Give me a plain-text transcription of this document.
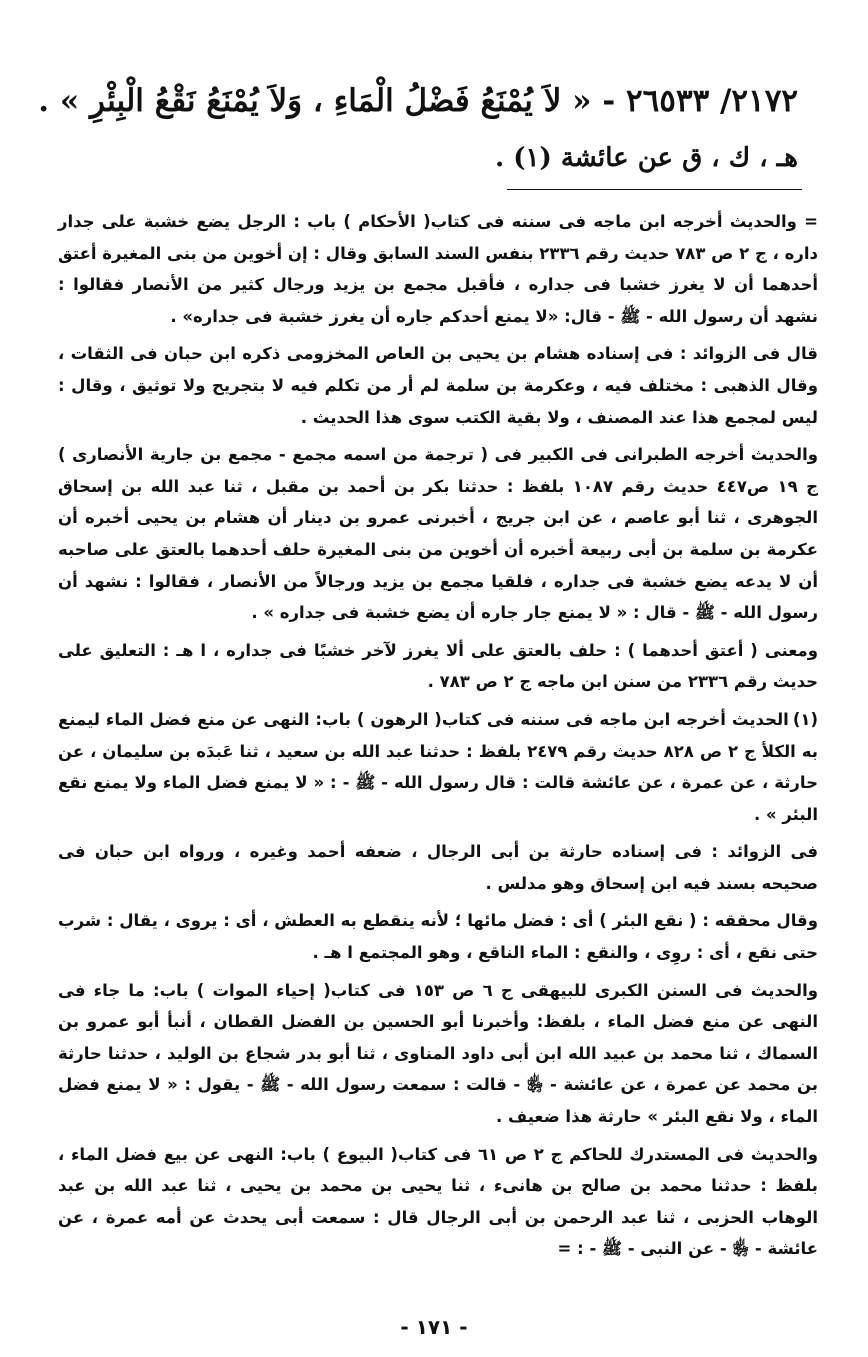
٢١٧٢/ ٢٦٥٣٣ - « لاَ يُمْنَعُ فَضْلُ الْمَاءِ ، وَلاَ يُمْنَعُ نَقْعُ الْبِئْرِ » .
هـ ، ك ، ق عن عائشة (١) .

= والحديث أخرجه ابن ماجه فى سننه فى كتاب( الأحكام ) باب : الرجل يضع خشبة على جدار داره ، ج ٢ ص ٧٨٣ حديث رقم ٢٣٣٦ بنفس السند السابق وقال : إن أخوين من بنى المغيرة أعتق أحدهما أن لا يغرز خشبا فى جداره ، فأقبل مجمع بن يزيد ورجال كثير من الأنصار فقالوا : نشهد أن رسول الله - ﷺ - قال: «لا يمنع أحدكم جاره أن يغرز خشبة فى جداره» .

قال فى الزوائد : فى إسناده هشام بن يحيى بن العاص المخزومى ذكره ابن حبان فى الثقات ، وقال الذهبى : مختلف فيه ، وعكرمة بن سلمة لم أر من تكلم فيه لا بتجريح ولا توثيق ، وقال : ليس لمجمع هذا عند المصنف ، ولا بقية الكتب سوى هذا الحديث .

والحديث أخرجه الطبرانى فى الكبير فى ( ترجمة من اسمه مجمع - مجمع بن جارية الأنصارى ) ج ١٩ ص٤٤٧ حديث رقم ١٠٨٧ بلفظ : حدثنا بكر بن أحمد بن مقبل ، ثنا عبد الله بن إسحاق الجوهرى ، ثنا أبو عاصم ، عن ابن جريج ، أخبرنى عمرو بن دينار أن هشام بن يحيى أخبره أن عكرمة بن سلمة بن أبى ربيعة أخبره أن أخوين من بنى المغيرة حلف أحدهما بالعتق على صاحبه أن لا يدعه يضع خشبة فى جداره ، فلقيا مجمع بن يزيد ورجالاً من الأنصار ، فقالوا : نشهد أن رسول الله - ﷺ - قال : « لا يمنع جار جاره أن يضع خشبة فى جداره » .

ومعنى ( أعتق أحدهما ) : حلف بالعتق على ألا يغرز لآخر خشبًا فى جداره ، ا هـ : التعليق على حديث رقم ٢٣٣٦ من سنن ابن ماجه ج ٢ ص ٧٨٣ .

(١)الحديث أخرجه ابن ماجه فى سننه فى كتاب( الرهون ) باب: النهى عن منع فضل الماء ليمنع به الكلأ ج ٢ ص ٨٢٨ حديث رقم ٢٤٧٩ بلفظ : حدثنا عبد الله بن سعيد ، ثنا عَبدَه بن سليمان ، عن حارثة ، عن عمرة ، عن عائشة قالت : قال رسول الله - ﷺ - : « لا يمنع فضل الماء ولا يمنع نقع البئر » .

فى الزوائد : فى إسناده حارثة بن أبى الرجال ، ضعفه أحمد وغيره ، ورواه ابن حبان فى صحيحه بسند فيه ابن إسحاق وهو مدلس .

وقال محققه : ( نقع البئر ) أى : فضل مائها ؛ لأنه ينقطع به العطش ، أى : يروى ، يقال : شرب حتى نقع ، أى : روِى ، والنقع : الماء الناقع ، وهو المجتمع ا هـ .

والحديث فى السنن الكبرى للبيهقى ج ٦ ص ١٥٣ فى كتاب( إحياء الموات ) باب: ما جاء فى النهى عن منع فضل الماء ، بلفظ: وأخبرنا أبو الحسين بن الفضل القطان ، أنبأ أبو عمرو بن السماك ، ثنا محمد بن عبيد الله ابن أبى داود المناوى ، ثنا أبو بدر شجاع بن الوليد ، حدثنا حارثة بن محمد عن عمرة ، عن عائشة - ﵂ - قالت : سمعت رسول الله - ﷺ - يقول : « لا يمنع فضل الماء ، ولا نقع البئر » حارثة هذا ضعيف .

والحديث فى المستدرك للحاكم ج ٢ ص ٦١ فى كتاب( البيوع ) باب: النهى عن بيع فضل الماء ، بلفظ : حدثنا محمد بن صالح بن هانىء ، ثنا يحيى بن محمد بن يحيى ، ثنا عبد الله بن عبد الوهاب الحزبى ، ثنا عبد الرحمن بن أبى الرجال قال : سمعت أبى يحدث عن أمه عمرة ، عن عائشة - ﵂ - عن النبى - ﷺ - : =

- ١٧١ -
